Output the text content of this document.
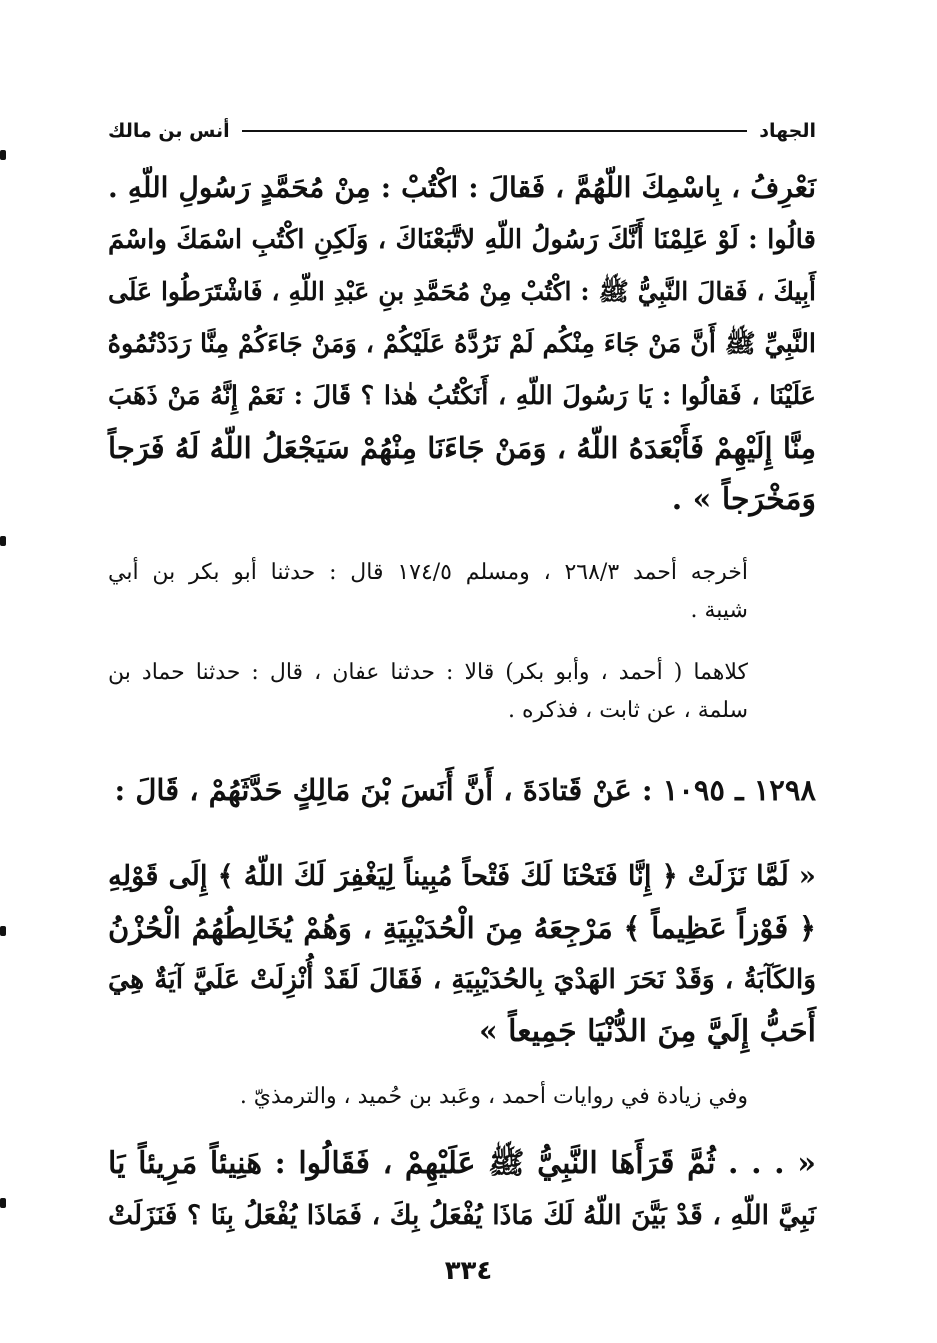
الجهاد
أنس بن مالك
نَعْرِفُ ، بِاسْمِكَ اللّهُمَّ ، فَقالَ : اكْتُبْ : مِنْ مُحَمَّدٍ رَسُولِ اللّهِ .
قالُوا : لَوْ عَلِمْنَا أَنَّكَ رَسُولُ اللّهِ لاتَّبَعْنَاكَ ، وَلَكِنِ اكْتُبِ اسْمَكَ واسْمَ
أَبِيكَ ، فَقالَ النَّبِيُّ ﷺ : اكْتُبْ مِنْ مُحَمَّدِ بنِ عَبْدِ اللّهِ ، فَاشْتَرَطُوا عَلَى
النَّبِيِّ ﷺ أَنَّ مَنْ جَاءَ مِنْكُم لَمْ نَرُدَّهُ عَلَيْكُمْ ، وَمَنْ جَاءَكُمْ مِنَّا رَدَدْتُمُوهُ
عَلَيْنَا ، فَقالُوا : يَا رَسُولَ اللّهِ ، أَنَكْتُبُ هٰذا ؟ قَالَ : نَعَمْ إِنَّهُ مَنْ ذَهَبَ
مِنَّا إِلَيْهِمْ فَأَبْعَدَهُ اللّهُ ، وَمَنْ جَاءَنَا مِنْهُمْ سَيَجْعَلُ اللّهُ لَهُ فَرَجاً
وَمَخْرَجاً » .
أخرجه أحمد ٢٦٨/٣ ، ومسلم ١٧٤/٥ قال : حدثنا أبو بكر بن أبي
شيبة .
كلاهما ( أحمد ، وأبو بكر) قالا : حدثنا عفان ، قال : حدثنا حماد بن
سلمة ، عن ثابت ، فذكره .
١٢٩٨ ـ ١٠٩٥ : عَنْ قَتادَةَ ، أَنَّ أَنَسَ بْنَ مَالِكٍ حَدَّثَهُمْ ، قَالَ :
« لَمَّا نَزَلَتْ ﴿ إِنَّا فَتَحْنَا لَكَ فَتْحاً مُبِيناً لِيَغْفِرَ لَكَ اللّهُ ﴾ إِلَى قَوْلِهِ
﴿ فَوْزاً عَظِيماً ﴾ مَرْجِعَهُ مِنَ الْحُدَيْبِيَةِ ، وَهُمْ يُخَالِطُهُمُ الْحُزْنُ
وَالكَآبَةُ ، وَقَدْ نَحَرَ الهَدْيَ بِالحُدَيْبِيَةِ ، فَقَالَ لَقَدْ أُنْزِلَتْ عَلَيَّ آيَةٌ هِيَ
أَحَبُّ إِلَيَّ مِنَ الدُّنْيَا جَمِيعاً »
وفي زيادة في روايات أحمد ، وعَبد بن حُميد ، والترمذيّ .
« . . . ثُمَّ قَرَأَهَا النَّبِيُّ ﷺ عَلَيْهِمْ ، فَقَالُوا : هَنِيئاً مَرِيئاً يَا
نَبِيَّ اللّهِ ، قَدْ بَيَّنَ اللّهُ لَكَ مَاذَا يُفْعَلُ بِكَ ، فَمَاذَا يُفْعَلُ بِنَا ؟ فَنَزَلَتْ
٣٣٤
